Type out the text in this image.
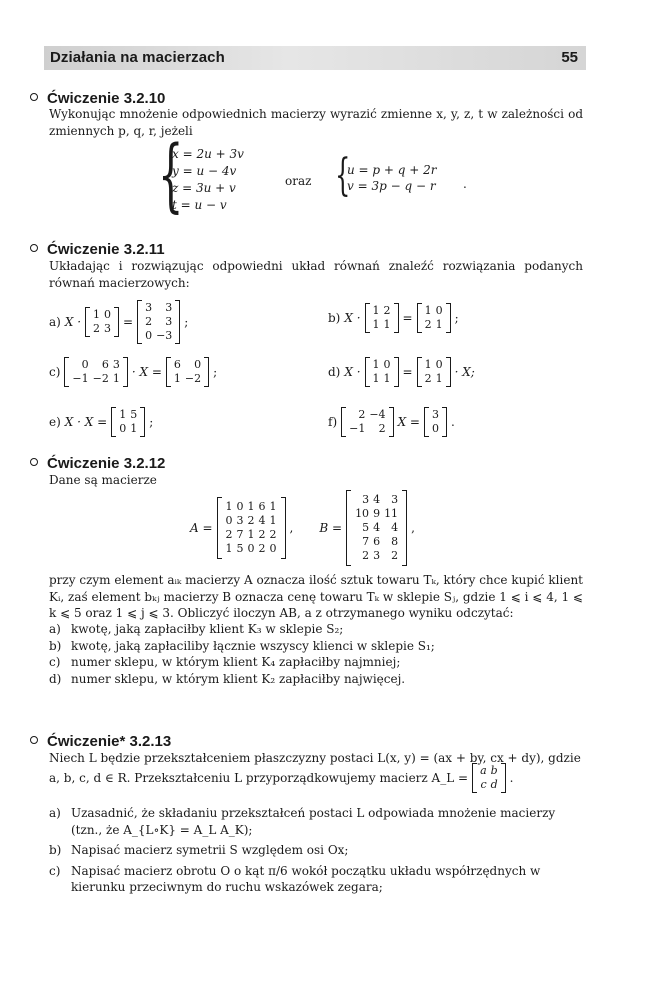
Działania na macierzach	55
Ćwiczenie 3.2.10

Wykonując mnożenie odpowiednich macierzy wyrazić zmienne x, y, z, t w zależności od zmiennych p, q, r, jeżeli

{
x = 2u + 3v
y = u − 4v
z = 3u + v
t = u − v
oraz {
u = p + q + 2r
v = 3p − q − r .
Ćwiczenie 3.2.11

Układając i rozwiązując odpowiedni układ równań znaleźć rozwiązania podanych równań macierzowych:

a) X ·
1	0
2	3 =
3	3
2	3
0	−3
;	b) X ·
1	2
1	1 =
1	0
2	1 ;
c)
0	6	3
−1	−2	1 · X =
6	0
1	−2 ;	d) X ·
1	0
1	1 =
1	0
2	1 · X;
e) X · X =
1	5
0	1 ;	f)
2	−4
−1	2 X =
3
0 .
Ćwiczenie 3.2.12

Dane są macierze

A =
1	0	1	6	1
0	3	2	4	1
2	7	1	2	2
1	5	0	2	0
, B =
3	4	3
10	9	11
5	4	4
7	6	8
2	3	2
,

przy czym element aᵢₖ macierzy A oznacza ilość sztuk towaru Tₖ, który chce kupić klient Kᵢ, zaś element bₖⱼ macierzy B oznacza cenę towaru Tₖ w sklepie Sⱼ, gdzie 1 ⩽ i ⩽ 4, 1 ⩽ k ⩽ 5 oraz 1 ⩽ j ⩽ 3. Obliczyć iloczyn AB, a z otrzymanego wyniku odczytać:

a) kwotę, jaką zapłaciłby klient K₃ w sklepie S₂;
b) kwotę, jaką zapłaciliby łącznie wszyscy klienci w sklepie S₁;
c) numer sklepu, w którym klient K₄ zapłaciłby najmniej;
d) numer sklepu, w którym klient K₂ zapłaciłby najwięcej.
Ćwiczenie* 3.2.13

Niech L będzie przekształceniem płaszczyzny postaci L(x, y) = (ax + by, cx + dy), gdzie

a, b, c, d ∈ R. Przekształceniu L przyporządkowujemy macierz A_L =
a	b
c	d .
a) Uzasadnić, że składaniu przekształceń postaci L odpowiada mnożenie macierzy (tzn., że A_{L∘K} = A_L A_K);
b) Napisać macierz symetrii S względem osi Ox;
c) Napisać macierz obrotu O o kąt π/6 wokół początku układu współrzędnych w kierunku przeciwnym do ruchu wskazówek zegara;
